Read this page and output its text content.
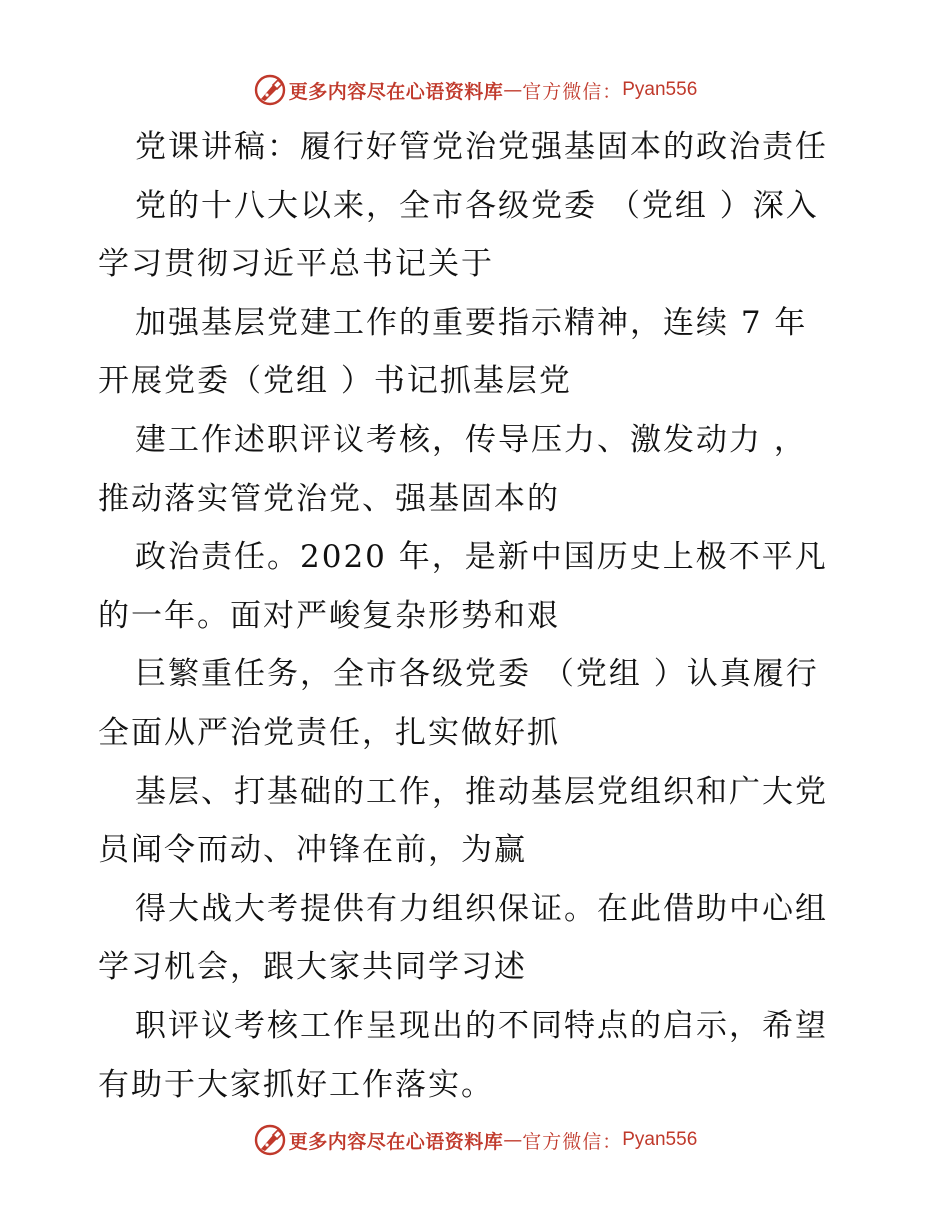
更多内容尽在心语资料库 — 官方微信： Pyan556
党课讲稿：履行好管党治党强基固本的政治责任
党的十八大以来，全市各级党委 （党组 ）深入
学习贯彻习近平总书记关于
加强基层党建工作的重要指示精神，连续 7 年
开展党委（党组 ）书记抓基层党
建工作述职评议考核，传导压力、激发动力 ，
推动落实管党治党、强基固本的
政治责任。2020 年，是新中国历史上极不平凡
的一年。面对严峻复杂形势和艰
巨繁重任务，全市各级党委 （党组 ）认真履行
全面从严治党责任，扎实做好抓
基层、打基础的工作，推动基层党组织和广大党
员闻令而动、冲锋在前，为赢
得大战大考提供有力组织保证。在此借助中心组
学习机会，跟大家共同学习述
职评议考核工作呈现出的不同特点的启示，希望
有助于大家抓好工作落实。
更多内容尽在心语资料库 — 官方微信： Pyan556
